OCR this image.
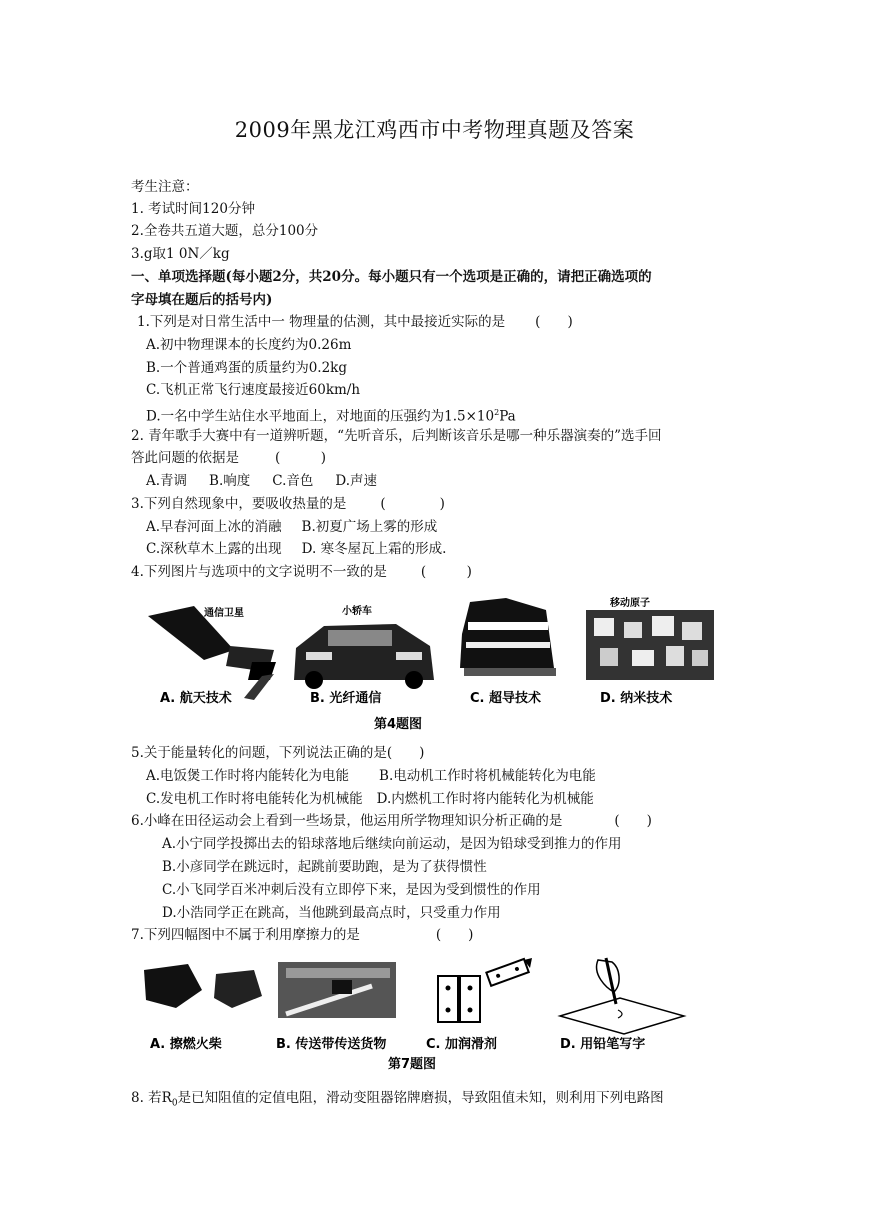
2009年黑龙江鸡西市中考物理真题及答案
考生注意：
1. 考试时间120分钟
2.全卷共五道大题，总分100分
3.g取1 0N／kg
一、单项选择题(每小题2分，共20分。每小题只有一个选项是正确的，请把正确选项的
字母填在题后的括号内)
1.下列是对日常生活中一 物理量的估测，其中最接近实际的是 (　　)
A.初中物理课本的长度约为0.26m
B.一个普通鸡蛋的质量约为0.2kg
C.飞机正常飞行速度最接近60km/h
D.一名中学生站住水平地面上，对地面的压强约为$1.5\times 10^2Pa$
2. 青年歌手大赛中有一道辨听题，“先听音乐，后判断该音乐是哪一种乐器演奏的”选手回
答此问题的依据是	(　　　)
A.青调 B.响度 C.音色 D.声速
3.下列自然现象中，要吸收热量的是	(　　　　)
A.早春河面上冰的消融 B.初夏广场上雾的形成
C.深秋草木上露的出现 D. 寒冬屋瓦上霜的形成.
4.下列图片与选项中的文字说明不一致的是	(　　　)
通信卫星
A. 航天技术
小轿车
B. 光纤通信	C. 超导技术
移动原子
D. 纳米技术
第4题图
5.关于能量转化的问题，下列说法正确的是(　　)
A.电饭煲工作时将内能转化为电能 B.电动机工作时将机械能转化为电能
C.发电机工作时将电能转化为机械能 D.内燃机工作时将内能转化为机械能
6.小峰在田径运动会上看到一些场景，他运用所学物理知识分析正确的是	(　　)
A.小宁同学投掷出去的铅球落地后继续向前运动，是因为铅球受到推力的作用
B.小彦同学在跳远时，起跳前要助跑，是为了获得惯性
C.小飞同学百米冲刺后没有立即停下来，是因为受到惯性的作用
D.小浩同学正在跳高，当他跳到最高点时，只受重力作用
7.下列四幅图中不属于利用摩擦力的是	(　　)
A. 擦燃火柴	B. 传送带传送货物	C. 加润滑剂	D. 用铅笔写字
第7题图
8. 若$R_0$是已知阻值的定值电阻，滑动变阻器铭牌磨损，导致阻值未知，则利用下列电路图
